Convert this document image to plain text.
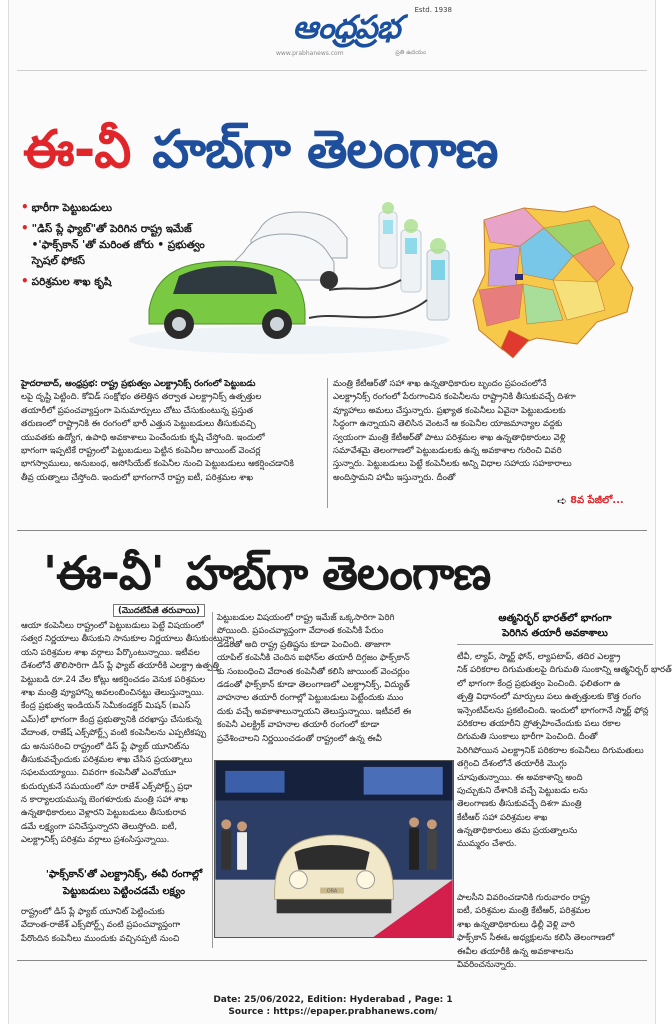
ఆంధ్రప్రభ Estd. 1938
www.prabhanews.com	ప్రతి ఉదయం
ఈ-వీ హబ్‌గా తెలంగాణ
• భారీగా పెట్టుబడులు
• "డిస్ ప్లే ఫ్యాబ్"తో పెరిగిన రాష్ట్ర ఇమేజ్ •'ఫాక్స్‌కాన్ 'తో మరింత జోరు • ప్రభుత్వం స్పెషల్ ఫోకస్
• పరిశ్రమల శాఖ కృషి
హైదరాబాద్, ఆంధ్రప్రభ: రాష్ట్ర ప్రభుత్వం ఎలక్ట్రానిక్స్ రంగంలో పెట్టుబడు
లపై దృష్టి పెట్టింది. కోవిడ్ సంక్షోభం తలెత్తిన తర్వాత ఎలక్ట్రానిక్స్ ఉత్పత్తుల
తయారీలో ప్రపంచవ్యాప్తంగా పెనుమార్పులు చోటు చేసుకుంటున్న ప్రస్తుత
తరుణంలో రాష్ట్రానికి ఈ రంగంలో భారీ ఎత్తున పెట్టుబడులు తీసుకువచ్చి
యువతకు ఉద్యోగ, ఉపాధి అవకాశాలు పెంచేందుకు కృషి చేస్తోంది. ఇందులో
భాగంగా ఇప్పటికే రాష్ట్రంలో పెట్టుబడులు పెట్టిన కంపెనీల జాయింట్ వెంచర్ల
భాగస్వాములు, అనుబంధ, అసోసియేట్ కంపెనీల నుంచి పెట్టుబడులు ఆకర్షించడానికి
తీవ్ర యత్నాలు చేస్తోంది. ఇందులో భాగంగానే రాష్ట్ర ఐటీ, పరిశ్రమల శాఖ
మంత్రి కేటీఆర్‌తో సహా శాఖ ఉన్నతాధికారుల బృందం ప్రపంచంలోనే
ఎలక్ట్రానిక్స్ రంగంలో పేరుగాంచిన కంపెనీలను రాష్ట్రానికి తీసుకువచ్చే దిశగా
వ్యూహాలు అమలు చేస్తున్నారు. ప్రఖ్యాత కంపెనీలు ఏవైనా పెట్టుబడులకు
సిద్ధంగా ఉన్నాయని తెలిసిన వెంటనే ఆ కంపెనీల యాజమాన్యాల వద్దకు
స్వయంగా మంత్రి కేటీఆర్‌తో పాటు పరిశ్రమల శాఖ ఉన్నతాధికారులు వెళ్లి
సమావేశమై తెలంగాణలో పెట్టుబడులకు ఉన్న అవకాశాల గురించి వివరి
స్తున్నారు. పెట్టుబడులు పెట్టే కంపెనీలకు అన్ని విధాల సహాయ సహకారాలు
అందిస్తామని హామీ ఇస్తున్నారు. దీంతో
➪ 8వ పేజీలో...
'ఈ-వీ' హబ్‌గా తెలంగాణ
(మొదటిపేజీ తరువాయి)
ఆయా కంపెనీలు రాష్ట్రంలో పెట్టుబడులు పెట్టే విషయంలో
సత్వర నిర్ణయాలు తీసుకుని సానుకూల నిర్ణయాలు తీసుకుంటున్నా
యని పరిశ్రమల శాఖ వర్గాలు పేర్కొంటున్నాయి. ఇటీవల
దేశంలోనే తొలిసారిగా డిస్ ప్లే ఫ్యాబ్ తయారీకి ఎలక్ట్రా ఉత్పత్తి
పెట్టుబడి రూ.24 వేల కోట్లు ఆకర్షించడం వెనుక పరిశ్రమల
శాఖ మంత్రి వ్యూహాన్ని అవలంబించినట్టు తెలుస్తున్నాయి.
కేంద్ర ప్రభుత్వ ఇండియన్ సెమీకండక్టర్ మిషన్ (ఐఎస్
ఎమ్)లో భాగంగా కేంద్ర ప్రభుత్వానికి దరఖాస్తు చేసుకున్న
వేదాంత, రాజేష్ ఎక్స్‌పోర్ట్స్ వంటి కంపెనీలను ఎప్పటికప్పు
డు అనుసరించి రాష్ట్రంలో డిస్ ప్లే ఫ్యాబ్ యూనిట్‌ను
తీసుకువచ్చేందుకు పరిశ్రమల శాఖ చేసిన ప్రయత్నాలు
సఫలమయ్యాయి. చివరగా కంపెనీతో ఎంవోయూ
కుదుర్చుకునే సమయంలో నూ రాజేశ్ ఎక్స్‌పోర్ట్స్ ప్రధా
న కార్యాలయమున్న బెంగళూరుకు మంత్రి సహా శాఖ
ఉన్నతాధికారులు వెళ్లారని పెట్టుబడులు తీసుకురావ
డమే లక్ష్యంగా పనిచేస్తున్నారని తెలుస్తోంది. ఐటీ,
ఎలక్ట్రానిక్స్ పరిశ్రమ వర్గాలు ప్రశంసిస్తున్నాయి.
'ఫాక్స్‌కాన్'తో ఎలక్ట్రానిక్స్, ఈవీ రంగాల్లో పెట్టుబడులు పెట్టించడమే లక్ష్యం
రాష్ట్రంలో డిస్ ప్లే ఫ్యాబ్ యూనిట్ పెట్టించుకు
వేదాంత-రాజేశ్ ఎక్స్‌పోర్ట్స్ వంటి ప్రపంచవ్యాప్తంగా
పేరొందిన కంపెనీలు ముందుకు వచ్చినప్పటి నుంచి
పెట్టుబడుల విషయంలో రాష్ట్ర ఇమేజ్ ఒక్కసారిగా పెరిగి
పోయింది. ప్రపంచవ్యాప్తంగా వేదాంత కంపెనీకి పేరుం
డడంతో అది రాష్ట్ర ప్రతిష్టను కూడా పెంచింది. తాజాగా
యాపిల్ కంపెనీకి చెందిన ఐఫోన్‌ల తయారీ దిగ్గజం ఫాక్స్‌కాన్
కు సంబంధించి వేదాంత కంపెనీతో కలిసి జాయింట్ వెంచర్లుం
డడంతో ఫాక్స్‌కాన్ కూడా తెలంగాణలో ఎలక్ట్రానిక్స్, విద్యుత్
వాహనాల తయారీ రంగాల్లో పెట్టుబడులు పెట్టేందుకు ముం
దుకు వచ్చే అవకాశాలున్నాయని తెలుస్తున్నాయి. ఇటీవలే ఈ
కంపెనీ ఎలక్ట్రిక్ వాహనాల తయారీ రంగంలో కూడా
ప్రవేశించాలని నిర్ణయించడంతో రాష్ట్రంలో ఉన్న ఈవీ
ORA
ఆత్మనిర్భర్ భారత్‌లో భాగంగా
పెరిగిన తయారీ అవకాశాలు
టీవీ, ల్యాప్, స్మార్ట్ ఫోన్, ల్యాపటాప్, తదిర ఎలక్ట్రా
నిక్ పరికరాల దిగుమతులపై దిగుమతి సుంకాన్ని ఆత్మనిర్భర్ భారత్
లో భాగంగా కేంద్ర ప్రభుత్వం పెంచింది. ఫలితంగా ఉ
త్పత్తి విధానంలో మార్పులు పలు ఉత్పత్తులకు కొత్త రంగం
ఇన్సెంటివ్‌లను ప్రకటించింది. ఇందులో భాగంగానే స్మార్ట్ ఫోన్ల
పరికరాల తయారీని ప్రోత్సహించేందుకు పలు రకాల
దిగుమతి సుంకాలు భారీగా పెంచింది. దీంతో
పెరిగిపోయిన ఎలక్ట్రానిక్ పరికరాల కంపెనీలు దిగుమతులు
తగ్గించి దేశంలోనే తయారీకి మొగ్గు
చూపుతున్నాయి. ఈ అవకాశాన్ని అంది
పుచ్చుకుని దేశానికి వచ్చే పెట్టుబడు లను
తెలంగాణకు తీసుకువచ్చే దిశగా మంత్రి
కేటీఆర్ సహా పరిశ్రమల శాఖ
ఉన్నతాధికారులు తమ ప్రయత్నాలను
ముమ్మరం చేశారు.
పాలసీని వివరించడానికి గురువారం రాష్ట్ర
ఐటీ, పరిశ్రమల మంత్రి కేటీఆర్, పరిశ్రమల
శాఖ ఉన్నతాధికారులు ఢిల్లీ వెళ్లి వారి
ఫాక్స్‌కాన్ సీఈఓ అధ్యక్షులను కలిసి తెలంగాణలో
ఈవీల తయారీకి ఉన్న అవకాశాలను
వివరించనున్నారు.
Date: 25/06/2022, Edition: Hyderabad , Page: 1
Source : https://epaper.prabhanews.com/
